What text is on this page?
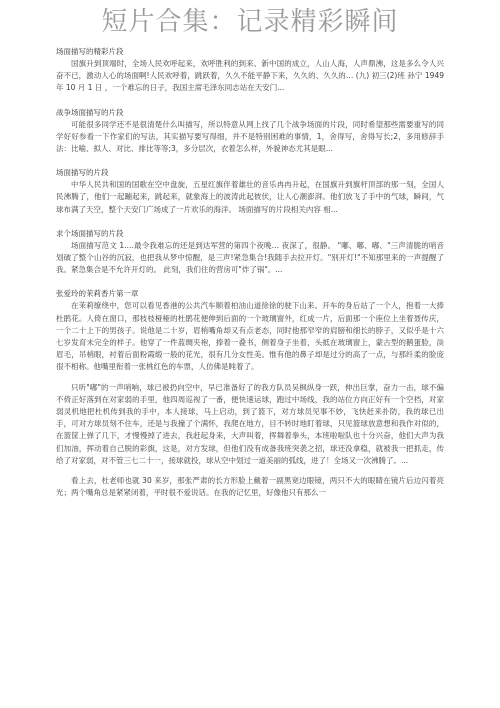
短片合集：记录精彩瞬间

场面描写的精彩片段

国旗升到顶端时，全场人民欢呼起来，欢呼胜利的到来、新中国的成立，人山人海，人声鼎沸，这是多么令人兴奋不已，激动人心的场面啊!人民欢呼着，跳跃着，久久不能平静下来，久久的、久久的… (九) 初三(2)班 孙宁 1949 年 10 月 1 日 ，一个难忘的日子，我国主席毛泽东同志站在天安门...

战争场面描写的片段

可能很多同学还不是很清楚什么叫描写，所以特意从网上找了几个战争场面的片段，同时希望那些需要重写的同学好好参看一下作家们的写法，其实描写要写得细，并不是特别困难的事情，1，舍得写，舍得写长;2，多用修辞手法：比喻、拟人、对比、排比等等;3，多分层次，衣着怎么样，外貌神态尤其是眼...

场面描写的片段

中华人民共和国的国歌在空中盘旋，五星红旗伴着雄壮的音乐冉冉升起，在国旗升到旗杆顶部的那一刻，全国人民沸腾了，他们一起蹦起来，跳起来，就象海上的波涛此起彼伏，让人心潮澎湃。他们放飞了手中的气球，瞬间，气球布满了天空，整个天安门广场成了一片欢乐的海洋。 场面描写的片段相关内容 相...

求个场面描写的片段

场面描写范文 1.…最令我难忘的还是到达军营的第四个夜晚… 夜深了，很静。 "嘟、嘟、嘟、"三声清脆的哨音划破了整个山谷的沉寂，也把我从梦中惊醒，是三声!紧急集合!我随手去拉开灯。"别开灯!"不知那里来的一声提醒了我。紧急集合是不允许开灯的。 此刻，我们住的营房可"炸了锅"。...

张爱玲的茉莉香片第一章

在茉莉缭绕中，您可以看见香港的公共汽车顺着柏油山道徐徐的驶下山来。开车的身后站了一个人，抱着一大捧杜鹃花。人倚在窗口，那枝枝桠桠的杜鹃花便伸到后面的一个玻璃窗外，红成一片，后面那一个座位上坐着聂传庆，一个二十上下的男孩子。说他是二十岁，眉梢嘴角却又有点老态，同时他那窄窄的肩膀和细长的脖子，又似乎是十六七岁发育未完全的样子。他穿了一件蓝绸夹袍，捧着一叠书，侧着身子坐着，头抵在玻璃窗上，蒙古型的鹅蛋脸，淡眉毛，吊梢眼，衬着后面粉霞缎一般的花光，很有几分女性美。惟有他的鼻子却是过分的高了一点，与那纤柔的脸庞很不相称。他嘴里衔着一张桃红色的车票，人仿佛是盹着了。

只听"嘟"的一声哨响，球已被扔向空中，早已准备好了的我方队员吴枫纵身一跃，伸出巨掌，奋力一击，球不偏不倚正好落到在对家弱的手里，他四周巡视了一番，便快速运球，跑过中场线，我的站位方向正好有一个空档，对家弱灵机地把杜机传到我的手中，本人接球，马上启动，到了篮下，对方球员见事不妙，飞快赶来扑防，我的球已出手，可对方球员刻不住车，还是与我撞了个满怀，我爬在地方，目不转时地盯着球，只见篮球放意想和我作对似的，在篮筐上弹了几下，才慢慢掉了进去，我赶起身来，大声叫着，挥舞着拳头，本班啦啦队也十分兴奋，他们大声为我们加油，挥动着自己脱的彩旗，这是，对方发球，但他们没有成备我班突袭之招，球还没拿稳，就被我一把抓走，传给了对家弱，对不管三七二十一，接球就投，球从空中划过一道美丽的弧线，进了！全场又一次沸腾了。...

看上去，杜老师也就 30 来岁，那张严肃的长方形脸上戴着一副黑宽边眼镜，两只不大的眼睛在镜片后边闪着亮光；两个嘴角总是紧紧闭着，平时很不爱说话。在我的记忆里，好像他只有那么一
